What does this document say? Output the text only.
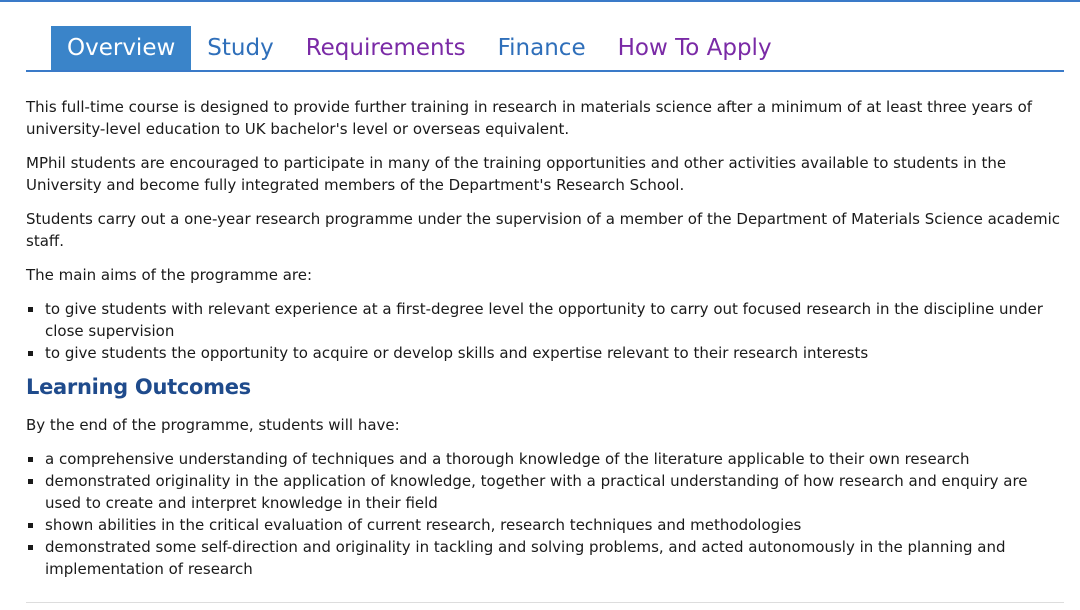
Overview	Study	Requirements	Finance	How To Apply

This full-time course is designed to provide further training in research in materials science after a minimum of at least three years of university-level education to UK bachelor's level or overseas equivalent.

MPhil students are encouraged to participate in many of the training opportunities and other activities available to students in the University and become fully integrated members of the Department's Research School.

Students carry out a one-year research programme under the supervision of a member of the Department of Materials Science academic staff.

The main aims of the programme are:

to give students with relevant experience at a first-degree level the opportunity to carry out focused research in the discipline under close supervision
to give students the opportunity to acquire or develop skills and expertise relevant to their research interests
Learning Outcomes

By the end of the programme, students will have:

a comprehensive understanding of techniques and a thorough knowledge of the literature applicable to their own research
demonstrated originality in the application of knowledge, together with a practical understanding of how research and enquiry are used to create and interpret knowledge in their field
shown abilities in the critical evaluation of current research, research techniques and methodologies
demonstrated some self-direction and originality in tackling and solving problems, and acted autonomously in the planning and implementation of research
